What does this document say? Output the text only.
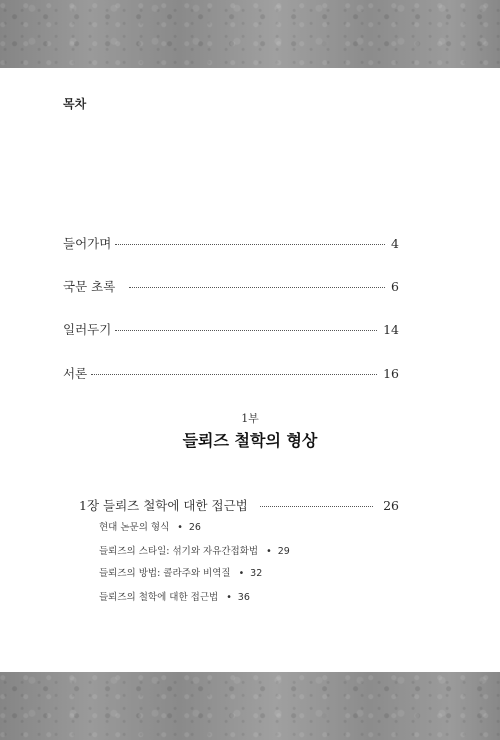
목차
들어가며	4
국문 초록	6
일러두기	14
서론	16
1부
들뢰즈 철학의 형상
1장 들뢰즈 철학에 대한 접근법	26
현대 논문의 형식 • 26
들뢰즈의 스타일: 섞기와 자유간접화법 • 29
들뢰즈의 방법: 콜라주와 비역질 • 32
들뢰즈의 철학에 대한 접근법 • 36
